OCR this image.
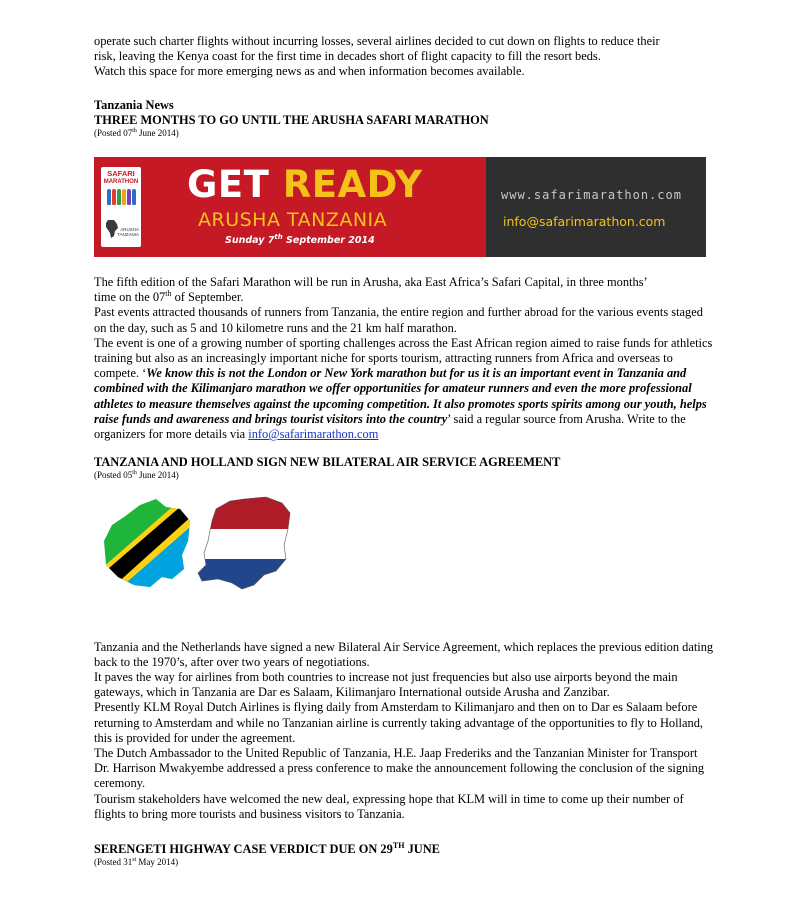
operate such charter flights without incurring losses, several airlines decided to cut down on flights to reduce their

risk, leaving the Kenya coast for the first time in decades short of flight capacity to fill the resort beds.

Watch this space for more emerging news as and when information becomes available.

Tanzania News

THREE MONTHS TO GO UNTIL THE ARUSHA SAFARI MARATHON

(Posted 07th June 2014)

SAFARI
MARATHON
ARUSHA
TANZANIA
GET READY
ARUSHA TANZANIA
Sunday 7th September 2014
www.safarimarathon.com
info@safarimarathon.com

The fifth edition of the Safari Marathon will be run in Arusha, aka East Africa’s Safari Capital, in three months’
time on the 07th of September.

Past events attracted thousands of runners from Tanzania, the entire region and further abroad for the various events staged on the day, such as 5 and 10 kilometre runs and the 21 km half marathon.

The event is one of a growing number of sporting challenges across the East African region aimed to raise funds for athletics training but also as an increasingly important niche for sports tourism, attracting runners from Africa and overseas to compete. ‘We know this is not the London or New York marathon but for us it is an important event in Tanzania and combined with the Kilimanjaro marathon we offer opportunities for amateur runners and even the more professional athletes to measure themselves against the upcoming competition. It also promotes sports spirits among our youth, helps raise funds and awareness and brings tourist visitors into the country’ said a regular source from Arusha. Write to the organizers for more details via info@safarimarathon.com

TANZANIA AND HOLLAND SIGN NEW BILATERAL AIR SERVICE AGREEMENT

(Posted 05th June 2014)

Tanzania and the Netherlands have signed a new Bilateral Air Service Agreement, which replaces the previous edition dating back to the 1970’s, after over two years of negotiations.

It paves the way for airlines from both countries to increase not just frequencies but also use airports beyond the main gateways, which in Tanzania are Dar es Salaam, Kilimanjaro International outside Arusha and Zanzibar.

Presently KLM Royal Dutch Airlines is flying daily from Amsterdam to Kilimanjaro and then on to Dar es Salaam before returning to Amsterdam and while no Tanzanian airline is currently taking advantage of the opportunities to fly to Holland, this is provided for under the agreement.

The Dutch Ambassador to the United Republic of Tanzania, H.E. Jaap Frederiks and the Tanzanian Minister for Transport Dr. Harrison Mwakyembe addressed a press conference to make the announcement following the conclusion of the signing ceremony.

Tourism stakeholders have welcomed the new deal, expressing hope that KLM will in time to come up their number of flights to bring more tourists and business visitors to Tanzania.

SERENGETI HIGHWAY CASE VERDICT DUE ON 29TH JUNE

(Posted 31st May 2014)
